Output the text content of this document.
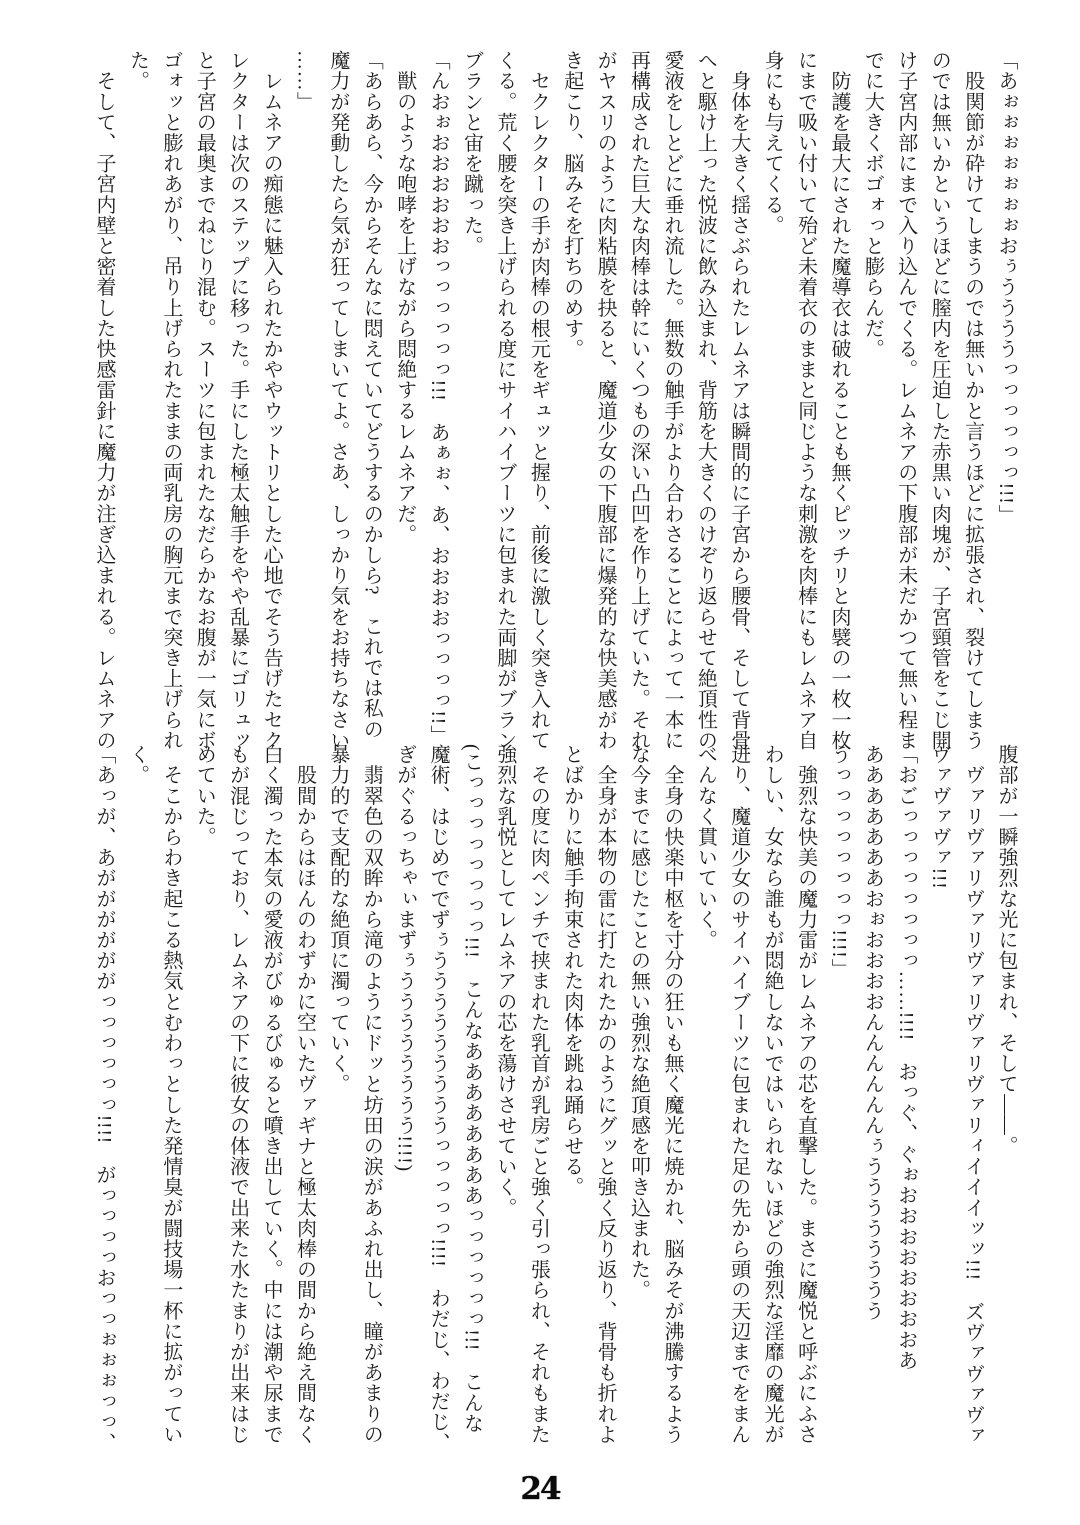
「あぉぉぉぉぉぉぉおぅううううっっっっっっ!!!」
　股関節が砕けてしまうのでは無いかと言うほどに拡張され、裂けてしまう
のでは無いかというほどに膣内を圧迫した赤黒い肉塊が、子宮頸管をこじ開
け子宮内部にまで入り込んでくる。レムネアの下腹部が未だかつて無い程ま
でに大きくボゴォっと膨らんだ。
　防護を最大にされた魔導衣は破れることも無くピッチリと肉襞の一枚一枚
にまで吸い付いて殆ど未着衣のままと同じような刺激を肉棒にもレムネア自
身にも与えてくる。
　身体を大きく揺さぶられたレムネアは瞬間的に子宮から腰骨、そして背骨
へと駆け上った悦波に飲み込まれ、背筋を大きくのけぞり返らせて絶頂性の
愛液をしとどに垂れ流した。無数の触手がより合わさることによって一本に
再構成された巨大な肉棒は幹にいくつもの深い凸凹を作り上げていた。それ
がヤスリのように肉粘膜を抉ると、魔道少女の下腹部に爆発的な快美感がわ
き起こり、脳みそを打ちのめす。
　セクレクターの手が肉棒の根元をギュッと握り、前後に激しく突き入れて
くる。荒く腰を突き上げられる度にサイハイブーツに包まれた両脚がブラン
ブランと宙を蹴った。
「んおぉおおおおおおっっっっっっ!!!　あぁぉ、あ、おおおおっっっっ!!」
　獣のような咆哮を上げながら悶絶するレムネアだ。
「あらあら、今からそんなに悶えていてどうするのかしら?　これでは私の
魔力が発動したら気が狂ってしまいてよ。さあ、しっかり気をお持ちなさい
……」
　レムネアの痴態に魅入られたかややウットリとした心地でそう告げたセク
レクターは次のステップに移った。手にした極太触手をやや乱暴にゴリュッ
と子宮の最奥までねじり混む。スーツに包まれたなだらかなお腹が一気にボ
ゴォッと膨れあがり、吊り上げられたままの両乳房の胸元まで突き上げられ
た。
　そして、子宮内壁と密着した快感雷針に魔力が注ぎ込まれる。レムネアの
腹部が一瞬強烈な光に包まれ、そして――。
　ヴァリヴァリヴァリヴァリヴァリヴァリィイイイッッ!!!　ズヴァヴァヴァ
ヴァヴァヴァ!!!
「おごっっっっっっっっ……!!!!　おっぐ、ぐぉおおおおおおおおあ
あああああああおぉおおおおんんんんんんぅうううううううう
うっっっっっっっっ!!!!」
　強烈な快美の魔力雷がレムネアの芯を直撃した。まさに魔悦と呼ぶにふさ
わしい、女なら誰もが悶絶しないではいられないほどの強烈な淫靡の魔光が
迸り、魔道少女のサイハイブーツに包まれた足の先から頭の天辺までをまん
べんなく貫いていく。
　全身の快楽中枢を寸分の狂いも無く魔光に焼かれ、脳みそが沸騰するよう
な今までに感じたことの無い強烈な絶頂感を叩き込まれた。
　全身が本物の雷に打たれたかのようにグッと強く反り返り、背骨も折れよ
とばかりに触手拘束された肉体を跳ね踊らせる。
　その度に肉ペンチで挟まれた乳首が乳房ごと強く引っ張られ、それもまた
強烈な乳悦としてレムネアの芯を蕩けさせていく。
(こっっっっっっっっ!!!　こんなああああああああっっっっっっ!!!　こんな
魔術、はじめででずぅうううううううううっっっっっ!!!!　わだじ、わだじ、
ぎがぐるっちゃぃまずぅうううううううう!!!!)
　翡翠色の双眸から滝のようにドッと坊田の涙があふれ出し、瞳があまりの
暴力的で支配的な絶頂に濁っていく。
　股間からはほんのわずかに空いたヴァギナと極太肉棒の間から絶え間なく
白く濁った本気の愛液がびゅるびゅると噴き出していく。中には潮や尿まで
もが混じっており、レムネアの下に彼女の体液で出来た水たまりが出来はじ
めていた。
　そこからわき起こる熱気とむわっとした発情臭が闘技場一杯に拡がってい
く。
「あっが、あががががががっっっっっっ!!!!　がっっっっおっっぉぉぉっっ、
24
